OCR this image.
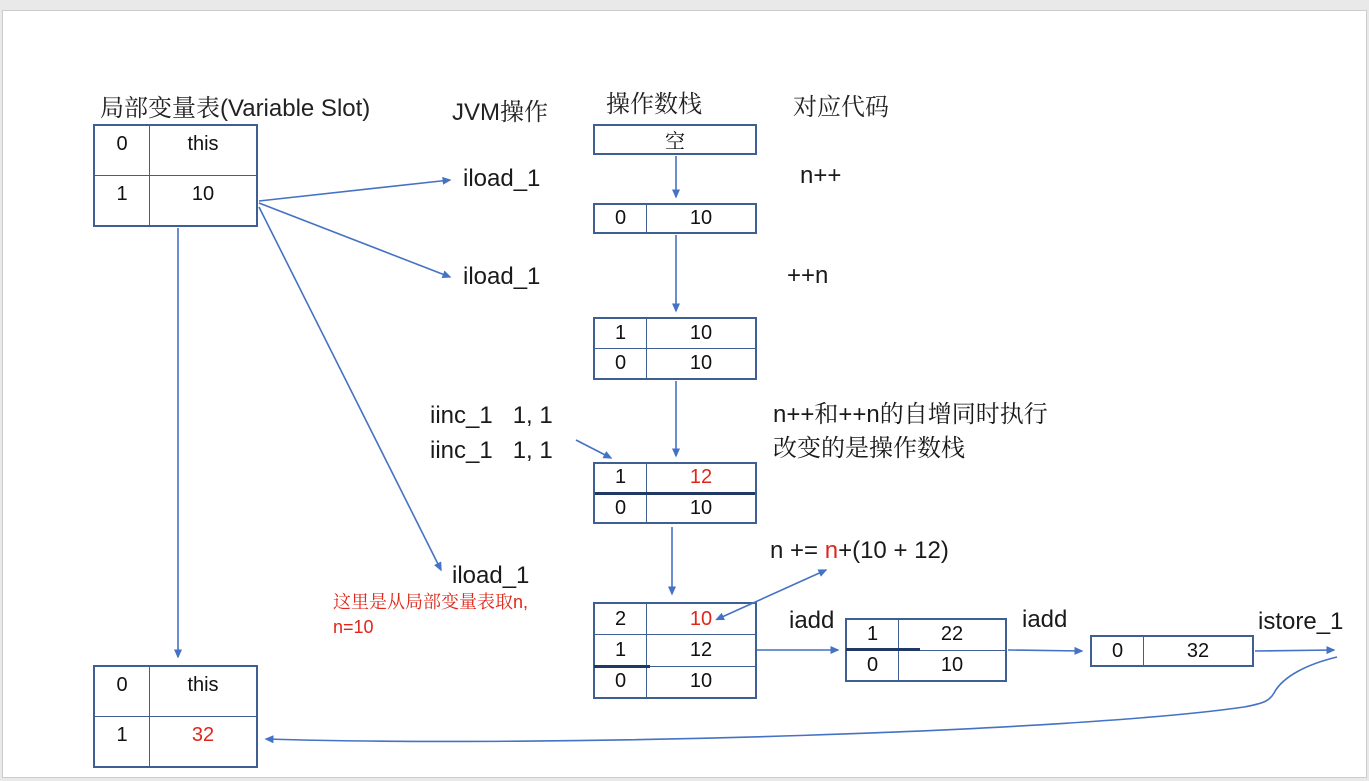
局部变量表(Variable Slot)	JVM操作 操作数栈	对应代码
0	this
1	10
0	this
1	32
空
0	10
1	10
0	10
1	12
0	10
2	10
1	12
0	10
1	22
0	10
0	32
iload_1
iload_1
iinc_1   1, 1
iinc_1   1, 1
iload_1
iadd	iadd	istore_1
n++
++n
n++和++n的自增同时执行
改变的是操作数栈
n += n+(10 + 12)
这里是从局部变量表取n,
n=10
